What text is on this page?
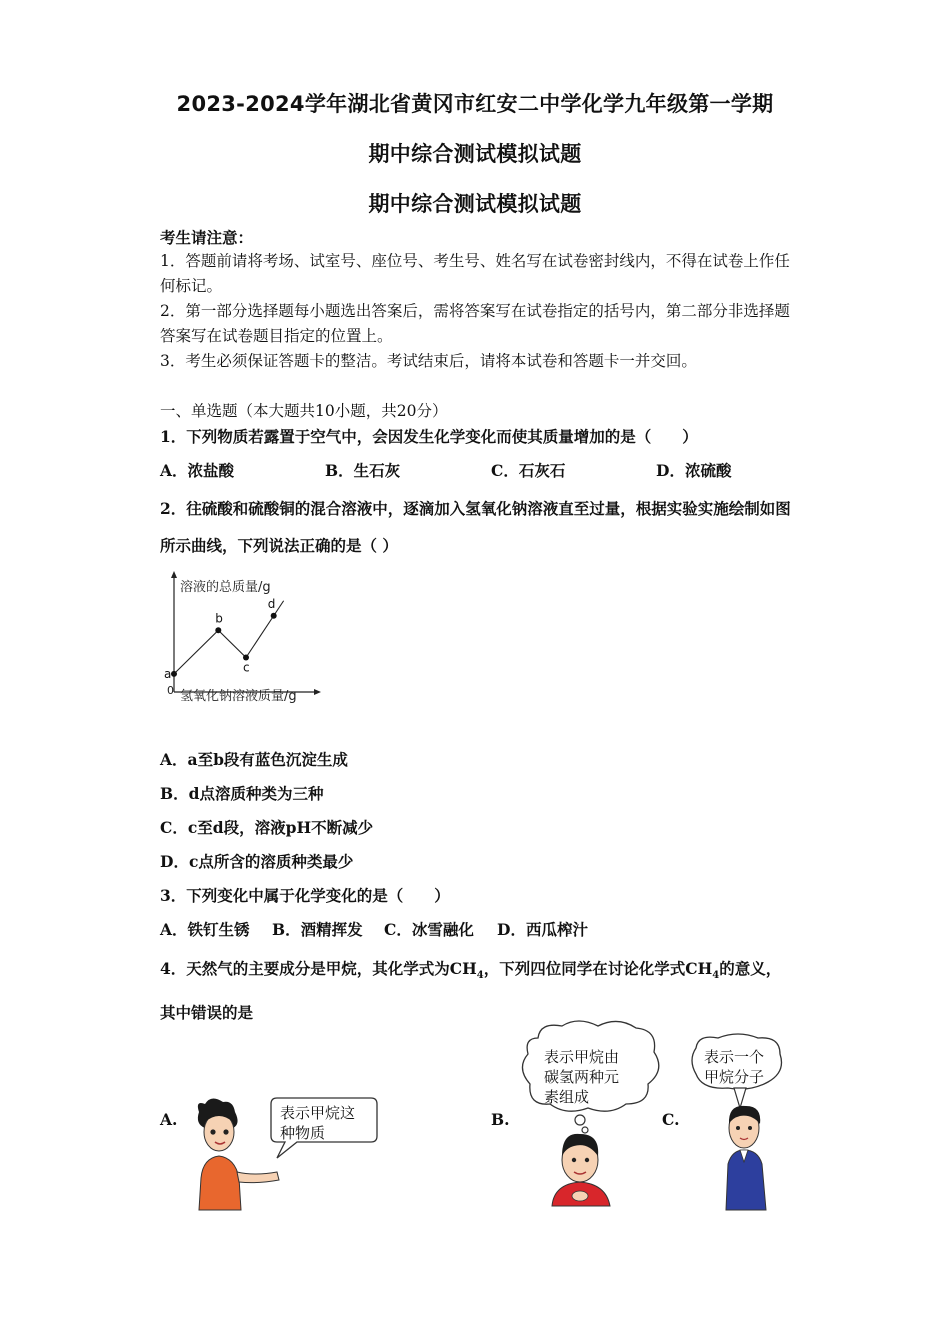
2023-2024学年湖北省黄冈市红安二中学化学九年级第一学期
期中综合测试模拟试题
期中综合测试模拟试题
考生请注意：
1．答题前请将考场、试室号、座位号、考生号、姓名写在试卷密封线内，不得在试卷上作任何标记。
2．第一部分选择题每小题选出答案后，需将答案写在试卷指定的括号内，第二部分非选择题答案写在试卷题目指定的位置上。
3．考生必须保证答题卡的整洁。考试结束后，请将本试卷和答题卡一并交回。
一、单选题（本大题共10小题，共20分）
1．下列物质若露置于空气中，会因发生化学变化而使其质量增加的是（　　）
A．浓盐酸	B．生石灰	C．石灰石	D．浓硫酸
2．往硫酸和硫酸铜的混合溶液中，逐滴加入氢氧化钠溶液直至过量，根据实验实施绘制如图所示曲线，下列说法正确的是（ ）
溶液的总质量/g
氢氧化钠溶液质量/g
0
a
b
c
d
A．a至b段有蓝色沉淀生成
B．d点溶质种类为三种
C．c至d段，溶液pH不断减少
D．c点所含的溶质种类最少
3．下列变化中属于化学变化的是（　　）
A．铁钉生锈 B．酒精挥发 C．冰雪融化 D．西瓜榨汁
4．天然气的主要成分是甲烷，其化学式为$CH_4$，下列四位同学在讨论化学式$CH_4$的意义，其中错误的是
A.	B.	C.
表示甲烷这
种物质
表示甲烷由
碳氢两种元
素组成
表示一个
甲烷分子
